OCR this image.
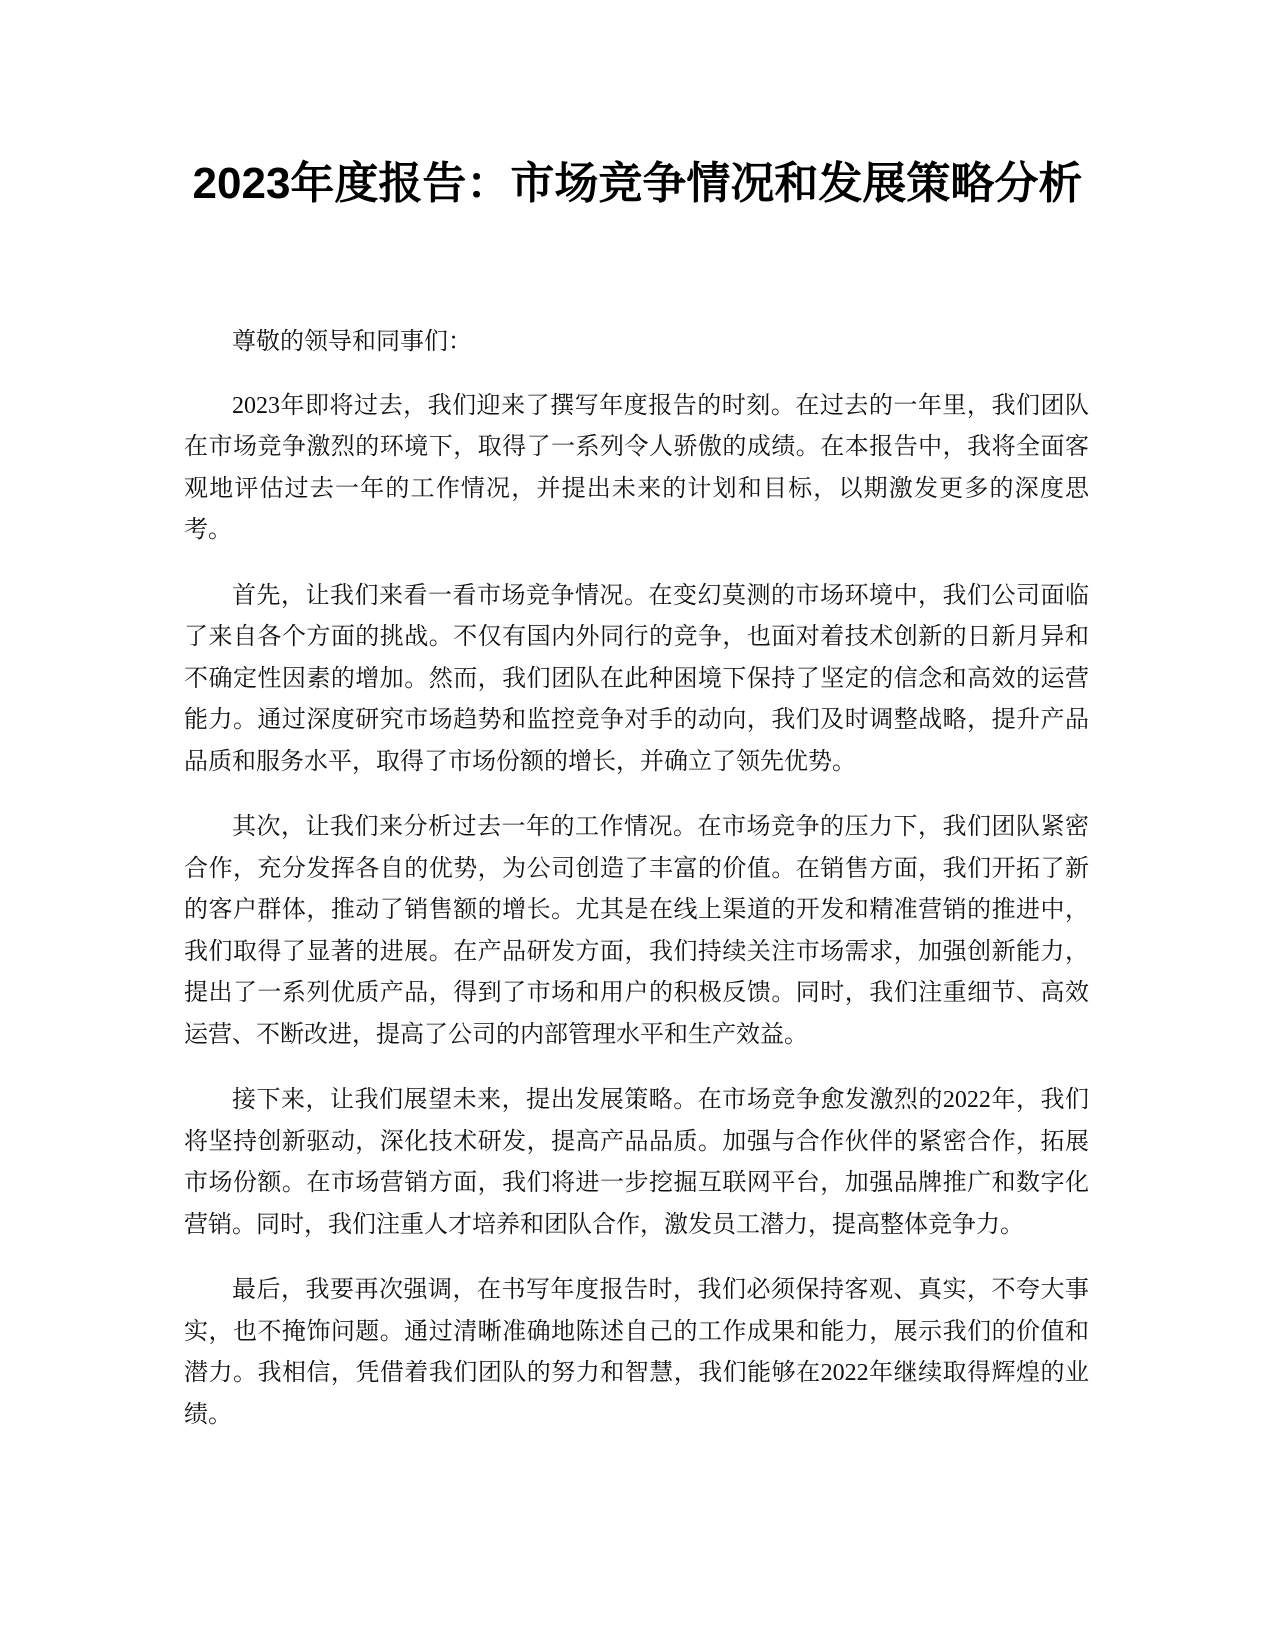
2023年度报告：市场竞争情况和发展策略分析

尊敬的领导和同事们：

2023年即将过去，我们迎来了撰写年度报告的时刻。在过去的一年里，我们团队在市场竞争激烈的环境下，取得了一系列令人骄傲的成绩。在本报告中，我将全面客观地评估过去一年的工作情况，并提出未来的计划和目标，以期激发更多的深度思考。

首先，让我们来看一看市场竞争情况。在变幻莫测的市场环境中，我们公司面临了来自各个方面的挑战。不仅有国内外同行的竞争，也面对着技术创新的日新月异和不确定性因素的增加。然而，我们团队在此种困境下保持了坚定的信念和高效的运营能力。通过深度研究市场趋势和监控竞争对手的动向，我们及时调整战略，提升产品品质和服务水平，取得了市场份额的增长，并确立了领先优势。

其次，让我们来分析过去一年的工作情况。在市场竞争的压力下，我们团队紧密合作，充分发挥各自的优势，为公司创造了丰富的价值。在销售方面，我们开拓了新的客户群体，推动了销售额的增长。尤其是在线上渠道的开发和精准营销的推进中，我们取得了显著的进展。在产品研发方面，我们持续关注市场需求，加强创新能力，提出了一系列优质产品，得到了市场和用户的积极反馈。同时，我们注重细节、高效运营、不断改进，提高了公司的内部管理水平和生产效益。

接下来，让我们展望未来，提出发展策略。在市场竞争愈发激烈的2022年，我们将坚持创新驱动，深化技术研发，提高产品品质。加强与合作伙伴的紧密合作，拓展市场份额。在市场营销方面，我们将进一步挖掘互联网平台，加强品牌推广和数字化营销。同时，我们注重人才培养和团队合作，激发员工潜力，提高整体竞争力。

最后，我要再次强调，在书写年度报告时，我们必须保持客观、真实，不夸大事实，也不掩饰问题。通过清晰准确地陈述自己的工作成果和能力，展示我们的价值和潜力。我相信，凭借着我们团队的努力和智慧，我们能够在2022年继续取得辉煌的业绩。
